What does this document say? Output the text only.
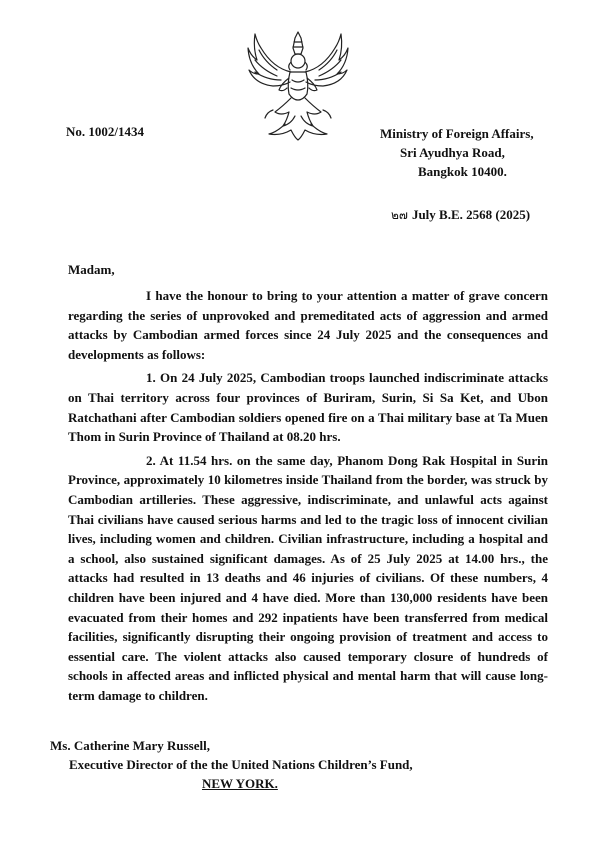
No. 1002/1434	Ministry of Foreign Affairs,
Sri Ayudhya Road,
Bangkok 10400.
๒๗ July B.E. 2568 (2025)
Madam,

I have the honour to bring to your attention a matter of grave concern regarding the series of unprovoked and premeditated acts of aggression and armed attacks by Cambodian armed forces since 24 July 2025 and the consequences and developments as follows:

1. On 24 July 2025, Cambodian troops launched indiscriminate attacks on Thai territory across four provinces of Buriram, Surin, Si Sa Ket, and Ubon Ratchathani after Cambodian soldiers opened fire on a Thai military base at Ta Muen Thom in Surin Province of Thailand at 08.20 hrs.

2. At 11.54 hrs. on the same day, Phanom Dong Rak Hospital in Surin Province, approximately 10 kilometres inside Thailand from the border, was struck by Cambodian artilleries. These aggressive, indiscriminate, and unlawful acts against Thai civilians have caused serious harms and led to the tragic loss of innocent civilian lives, including women and children. Civilian infrastructure, including a hospital and a school, also sustained significant damages. As of 25 July 2025 at 14.00 hrs., the attacks had resulted in 13 deaths and 46 injuries of civilians. Of these numbers, 4 children have been injured and 4 have died. More than 130,000 residents have been evacuated from their homes and 292 inpatients have been transferred from medical facilities, significantly disrupting their ongoing provision of treatment and access to essential care. The violent attacks also caused temporary closure of hundreds of schools in affected areas and inflicted physical and mental harm that will cause long-term damage to children.

Ms. Catherine Mary Russell,
Executive Director of the the United Nations Children’s Fund,
NEW YORK.
